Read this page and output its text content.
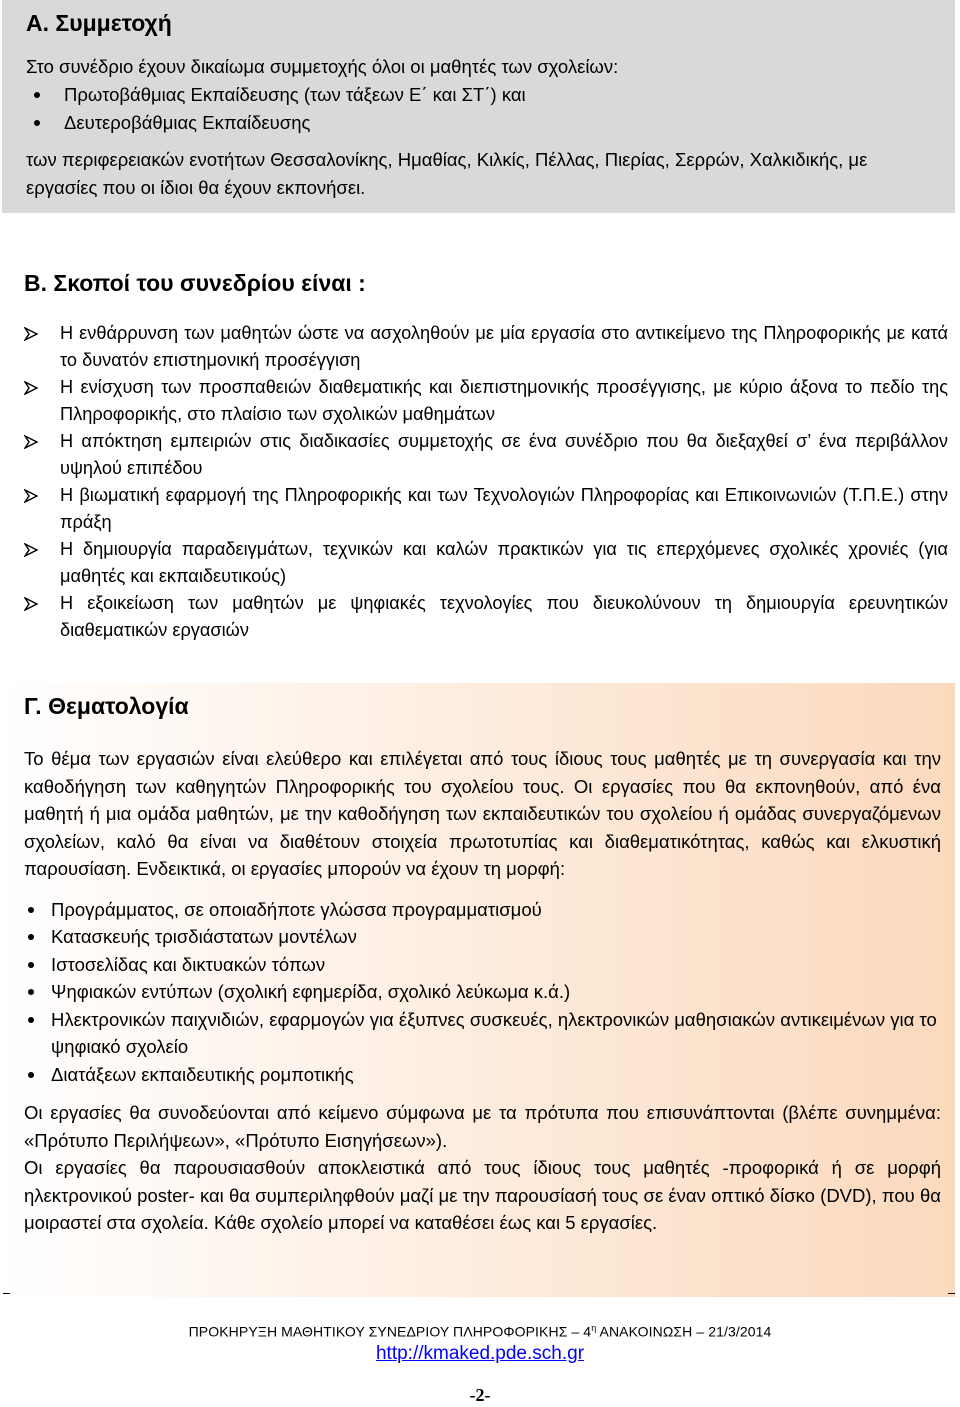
Α. Συμμετοχή
Στο συνέδριο έχουν δικαίωμα συμμετοχής όλοι οι μαθητές των σχολείων:
Πρωτοβάθμιας Εκπαίδευσης (των τάξεων Ε΄ και ΣΤ΄) και
Δευτεροβάθμιας Εκπαίδευσης
των περιφερειακών ενοτήτων Θεσσαλονίκης, Ημαθίας, Κιλκίς, Πέλλας, Πιερίας, Σερρών, Χαλκιδικής, με εργασίες που οι ίδιοι θα έχουν εκπονήσει.
Β. Σκοποί του συνεδρίου είναι :
Η ενθάρρυνση των μαθητών ώστε να ασχοληθούν με μία εργασία στο αντικείμενο της Πληροφορικής με κατά το δυνατόν επιστημονική προσέγγιση
Η ενίσχυση των προσπαθειών διαθεματικής και διεπιστημονικής προσέγγισης, με κύριο άξονα το πεδίο της Πληροφορικής, στο πλαίσιο των σχολικών μαθημάτων
Η απόκτηση εμπειριών στις διαδικασίες συμμετοχής σε ένα συνέδριο που θα διεξαχθεί σ’ ένα περιβάλλον υψηλού επιπέδου
Η βιωματική εφαρμογή της Πληροφορικής και των Τεχνολογιών Πληροφορίας και Επικοινωνιών (Τ.Π.Ε.) στην πράξη
Η δημιουργία παραδειγμάτων, τεχνικών και καλών πρακτικών για τις επερχόμενες σχολικές χρονιές (για μαθητές και εκπαιδευτικούς)
Η εξοικείωση των μαθητών με ψηφιακές τεχνολογίες που διευκολύνουν τη δημιουργία ερευνητικών διαθεματικών εργασιών
Γ. Θεματολογία

Το θέμα των εργασιών είναι ελεύθερο και επιλέγεται από τους ίδιους τους μαθητές με τη συνεργασία και την καθοδήγηση των καθηγητών Πληροφορικής του σχολείου τους. Οι εργασίες που θα εκπονηθούν, από ένα μαθητή ή μια ομάδα μαθητών, με την καθοδήγηση των εκπαιδευτικών του σχολείου ή ομάδας συνεργαζόμενων σχολείων, καλό θα είναι να διαθέτουν στοιχεία πρωτοτυπίας και διαθεματικότητας, καθώς και ελκυστική παρουσίαση. Ενδεικτικά, οι εργασίες μπορούν να έχουν τη μορφή:

Προγράμματος, σε οποιαδήποτε γλώσσα προγραμματισμού
Κατασκευής τρισδιάστατων μοντέλων
Ιστοσελίδας και δικτυακών τόπων
Ψηφιακών εντύπων (σχολική εφημερίδα, σχολικό λεύκωμα κ.ά.)
Ηλεκτρονικών παιχνιδιών, εφαρμογών για έξυπνες συσκευές, ηλεκτρονικών μαθησιακών αντικειμένων για το ψηφιακό σχολείο
Διατάξεων εκπαιδευτικής ρομποτικής

Οι εργασίες θα συνοδεύονται από κείμενο σύμφωνα με τα πρότυπα που επισυνάπτονται (βλέπε συνημμένα: «Πρότυπο Περιλήψεων», «Πρότυπο Εισηγήσεων»).

Οι εργασίες θα παρουσιασθούν αποκλειστικά από τους ίδιους τους μαθητές -προφορικά ή σε μορφή ηλεκτρονικού poster- και θα συμπεριληφθούν μαζί με την παρουσίασή τους σε έναν οπτικό δίσκο (DVD), που θα μοιραστεί στα σχολεία. Κάθε σχολείο μπορεί να καταθέσει έως και 5 εργασίες.

ΠΡΟΚΗΡΥΞΗ ΜΑΘΗΤΙΚΟΥ ΣΥΝΕΔΡΙΟΥ ΠΛΗΡΟΦΟΡΙΚΗΣ – $4^\eta$ ΑΝΑΚΟΙΝΩΣΗ – 21/3/2014
http://kmaked.pde.sch.gr
-2-
